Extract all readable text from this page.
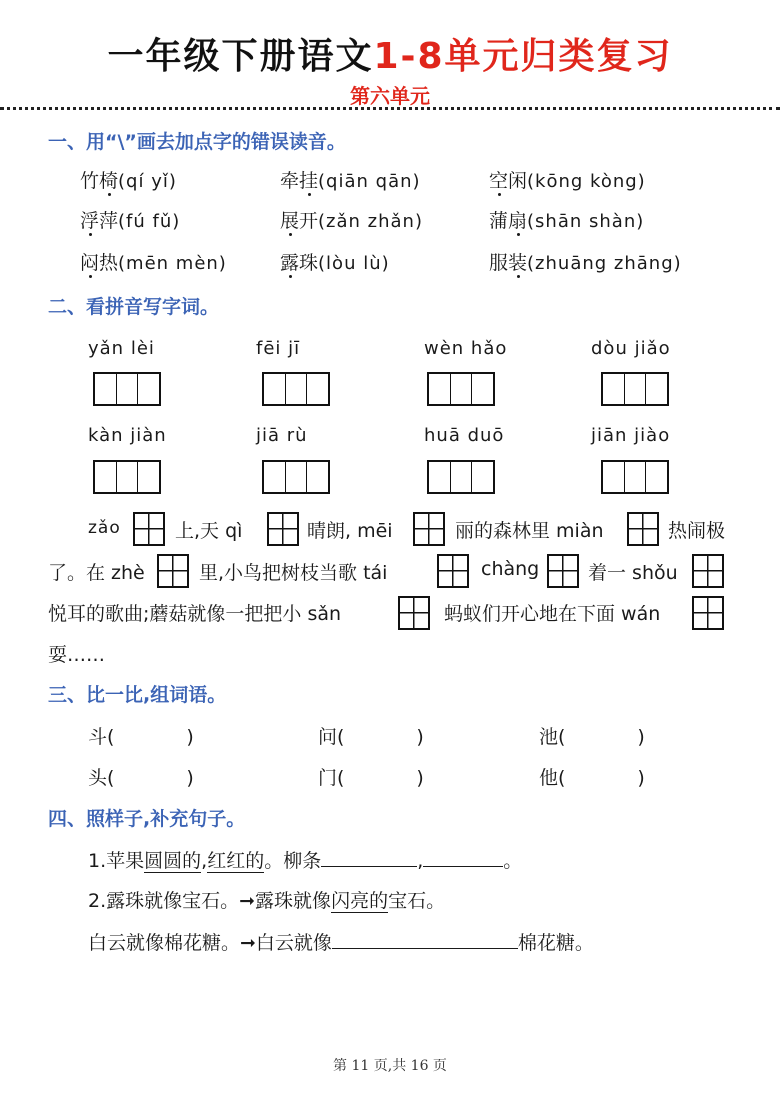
一年级下册语文1-8单元归类复习
第六单元
一、用“\”画去加点字的错误读音。
竹椅(qí yǐ)	牵挂(qiān qān)	空闲(kōng kòng)
浮萍(fú fǔ)	展开(zǎn zhǎn)	蒲扇(shān shàn)
闷热(mēn mèn)	露珠(lòu lù)	服装(zhuāng zhāng)
二、看拼音写字词。
yǎn lèi	fēi jī	wèn hǎo	dòu jiǎo
kàn jiàn	jiā rù	huā duō	jiān jiào
zǎo	上,天 qì	晴朗, mēi	丽的森林里 miàn	热闹极
了。在 zhè	里,小鸟把树枝当歌 tái	chàng	着一 shǒu
悦耳的歌曲;蘑菇就像一把把小 sǎn	蚂蚁们开心地在下面 wán
耍……
三、比一比,组词语。
斗(	)	问(	)	池(	)
头(	)	门(	)	他(	)
四、照样子,补充句子。
1.苹果圆圆的,红红的。柳条	,	。
2.露珠就像宝石。➞露珠就像闪亮的宝石。
白云就像棉花糖。➞白云就像	棉花糖。
第 11 页,共 16 页
